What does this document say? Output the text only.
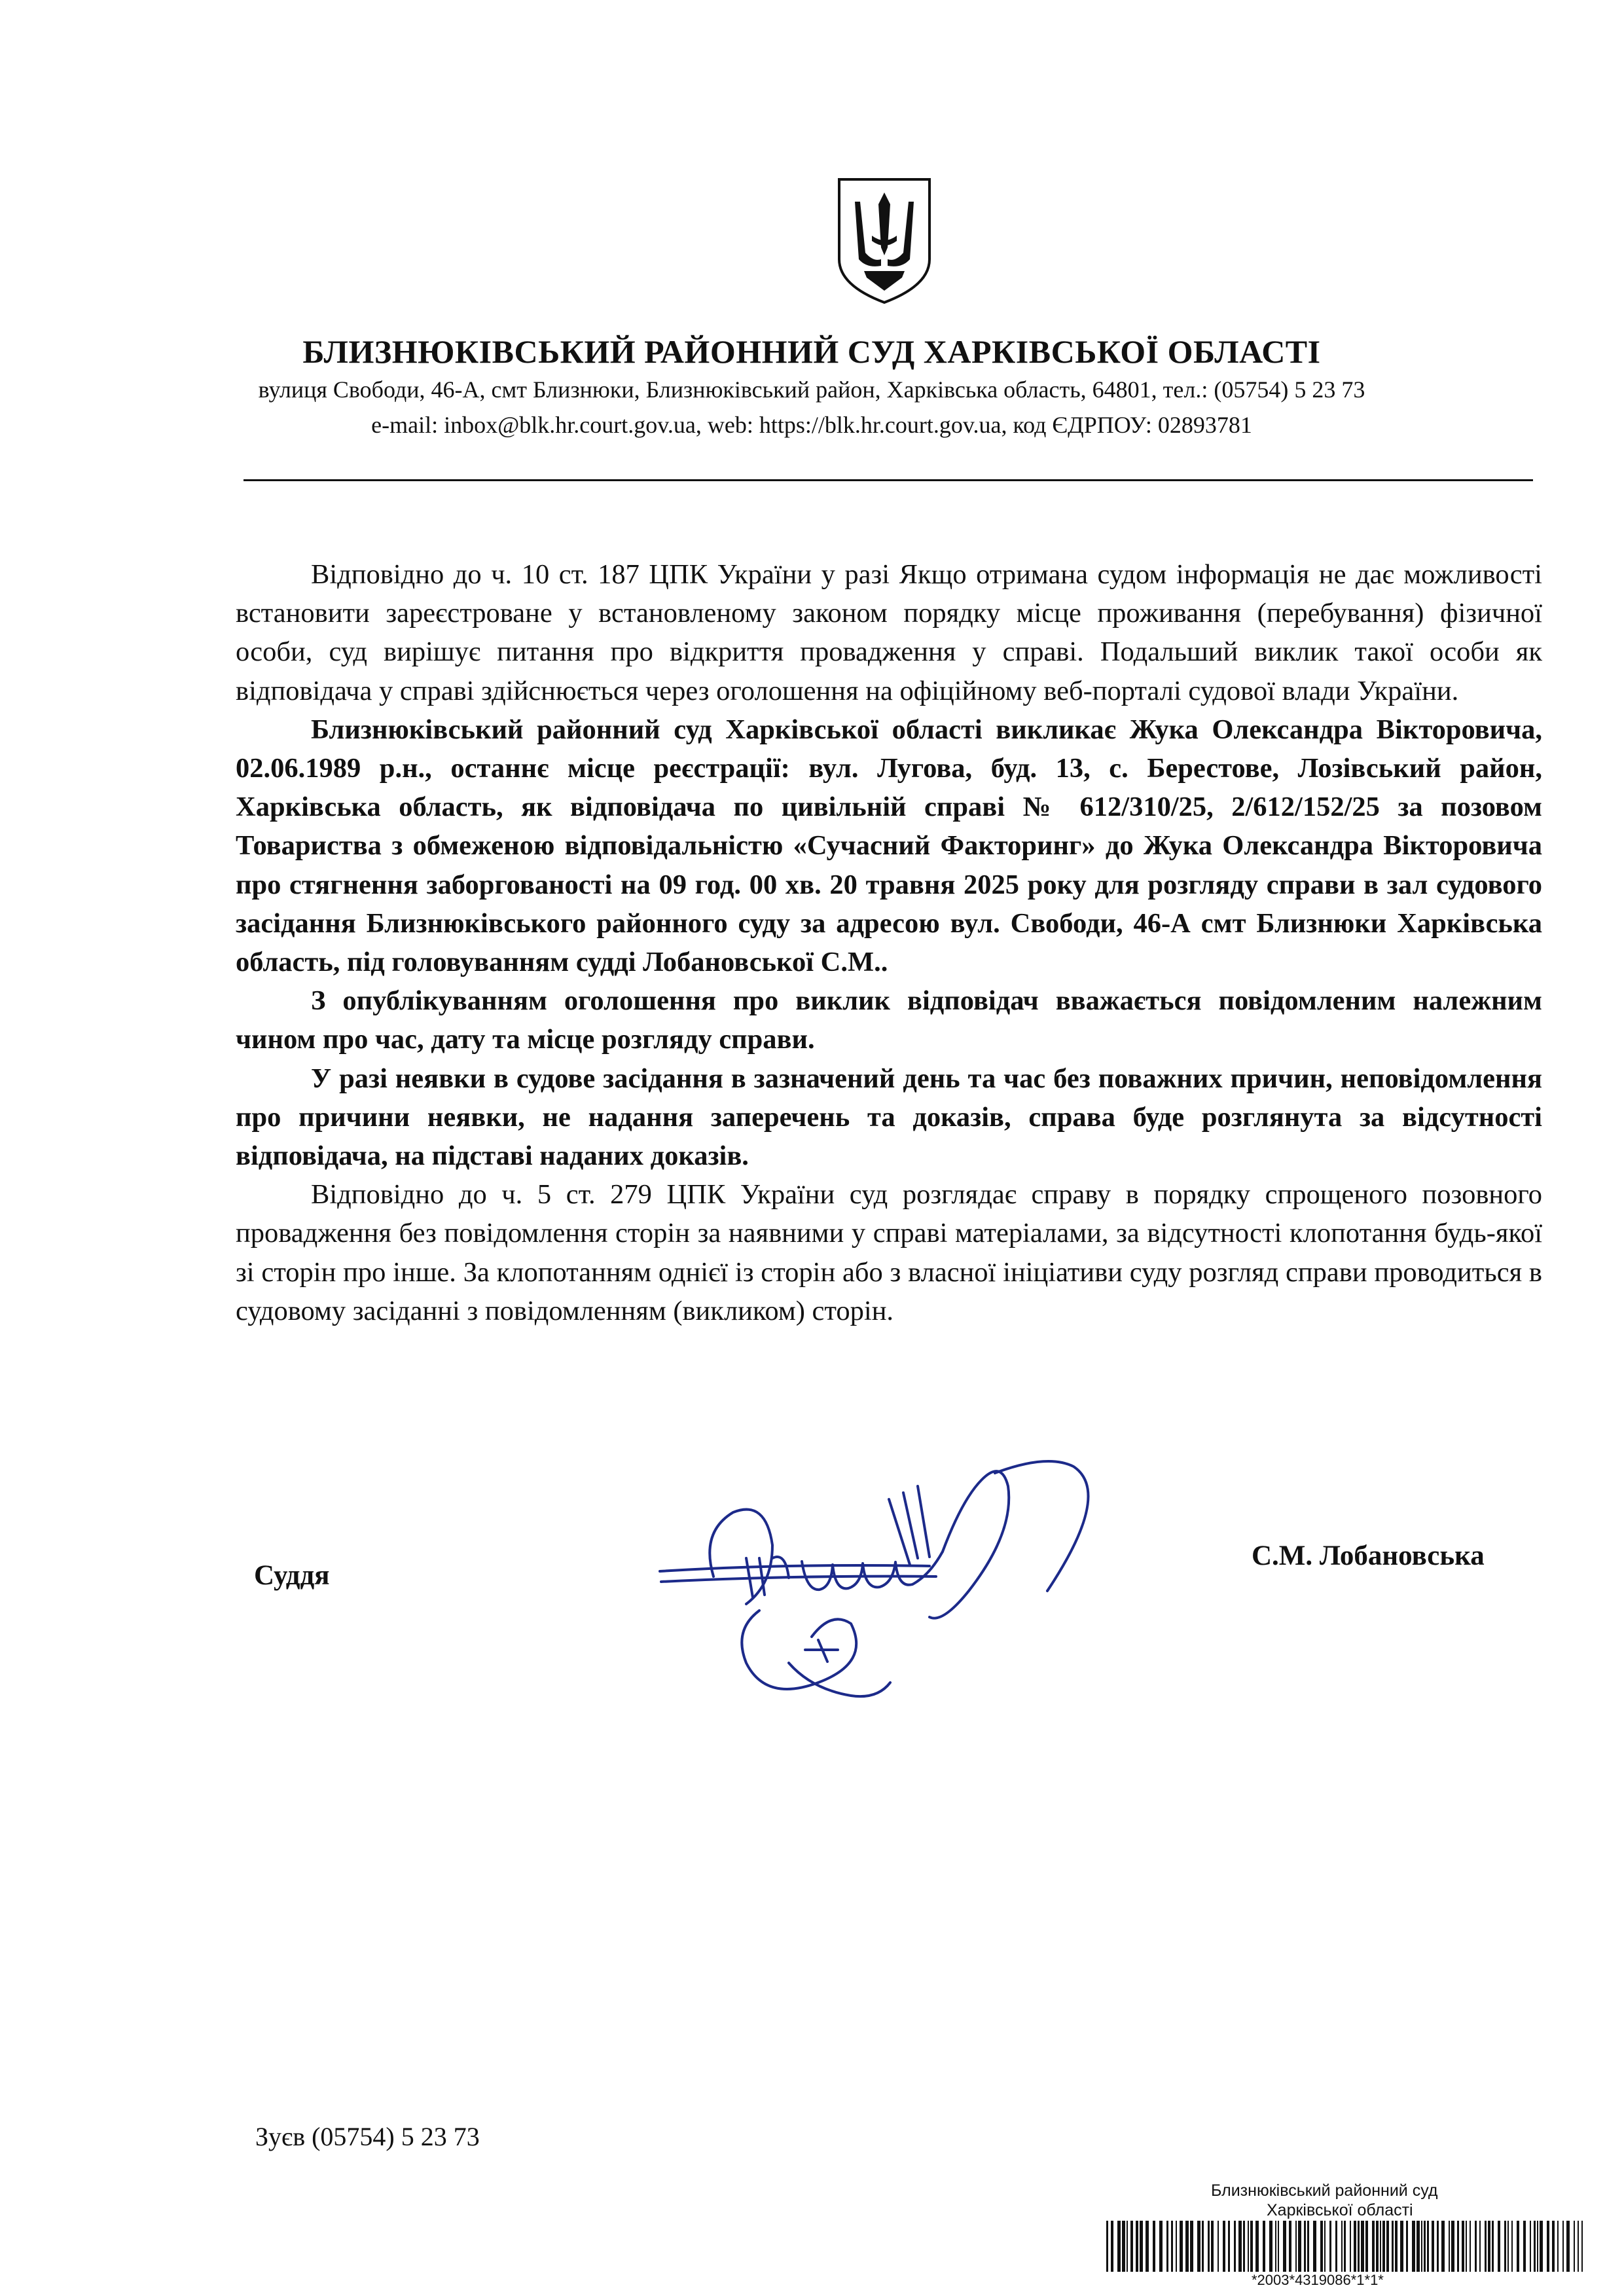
БЛИЗНЮКІВСЬКИЙ РАЙОННИЙ СУД ХАРКІВСЬКОЇ ОБЛАСТІ
вулиця Свободи, 46-А, смт Близнюки, Близнюківський район, Харківська область, 64801, тел.: (05754) 5 23 73
e-mail: inbox@blk.hr.court.gov.ua, web: https://blk.hr.court.gov.ua, код ЄДРПОУ: 02893781

Відповідно до ч. 10 ст. 187 ЦПК України у разі Якщо отримана судом інформація не дає можливості встановити зареєстроване у встановленому законом порядку місце проживання (перебування) фізичної особи, суд вирішує питання про відкриття провадження у справі. Подальший виклик такої особи як відповідача у справі здійснюється через оголошення на офіційному веб-порталі судової влади України.

Близнюківський районний суд Харківської області викликає Жука Олександра Вікторовича, 02.06.1989 р.н., останнє місце реєстрації: вул. Лугова, буд. 13, с. Берестове, Лозівський район, Харківська область, як відповідача по цивільній справі № 612/310/25, 2/612/152/25 за позовом Товариства з обмеженою відповідальністю «Сучасний Факторинг» до Жука Олександра Вікторовича про стягнення заборгованості на 09 год. 00 хв. 20 травня 2025 року для розгляду справи в зал судового засідання Близнюківського районного суду за адресою вул. Свободи, 46-А смт Близнюки Харківська область, під головуванням судді Лобановської С.М..

З опублікуванням оголошення про виклик відповідач вважається повідомленим належним чином про час, дату та місце розгляду справи.

У разі неявки в судове засідання в зазначений день та час без поважних причин, неповідомлення про причини неявки, не надання заперечень та доказів, справа буде розглянута за відсутності відповідача, на підставі наданих доказів.

Відповідно до ч. 5 ст. 279 ЦПК України суд розглядає справу в порядку спрощеного позовного провадження без повідомлення сторін за наявними у справі матеріалами, за відсутності клопотання будь-якої зі сторін про інше. За клопотанням однієї із сторін або з власної ініціативи суду розгляд справи проводиться в судовому засіданні з повідомленням (викликом) сторін.

Суддя
С.М. Лобановська
Зуєв (05754) 5 23 73
Близнюківський районний суд
Харківської області
*2003*4319086*1*1*
